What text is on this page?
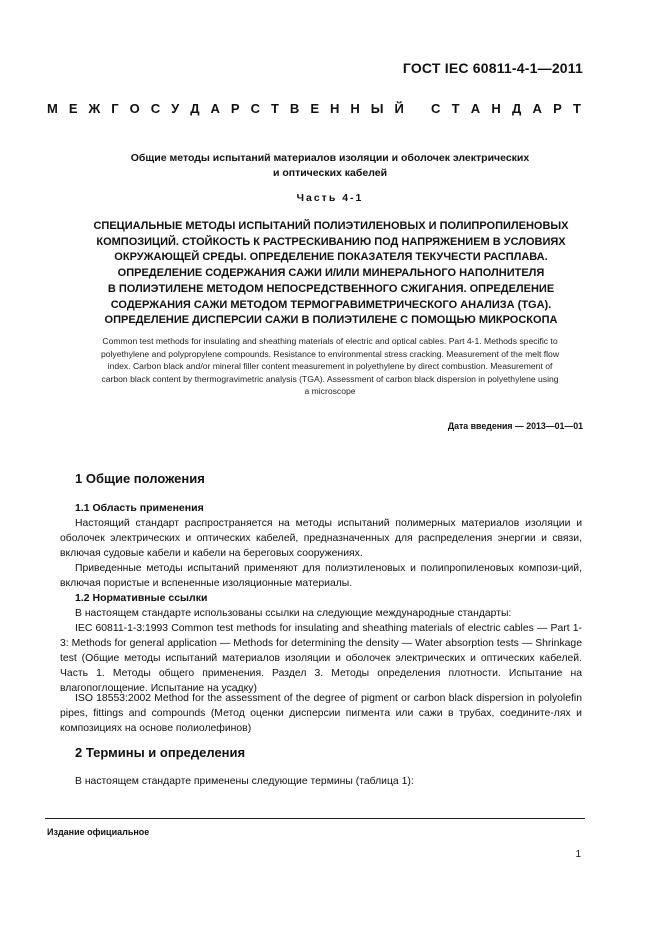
ГОСТ IEC 60811-4-1—2011
М Е Ж Г О С У Д А Р С Т В Е Н Н Ы Й С Т А Н Д А Р Т
Общие методы испытаний материалов изоляции и оболочек электрических
и оптических кабелей
Часть 4-1
СПЕЦИАЛЬНЫЕ МЕТОДЫ ИСПЫТАНИЙ ПОЛИЭТИЛЕНОВЫХ И ПОЛИПРОПИЛЕНОВЫХ
КОМПОЗИЦИЙ. СТОЙКОСТЬ К РАСТРЕСКИВАНИЮ ПОД НАПРЯЖЕНИЕМ В УСЛОВИЯХ
ОКРУЖАЮЩЕЙ СРЕДЫ. ОПРЕДЕЛЕНИЕ ПОКАЗАТЕЛЯ ТЕКУЧЕСТИ РАСПЛАВА.
ОПРЕДЕЛЕНИЕ СОДЕРЖАНИЯ САЖИ И/ИЛИ МИНЕРАЛЬНОГО НАПОЛНИТЕЛЯ
В ПОЛИЭТИЛЕНЕ МЕТОДОМ НЕПОСРЕДСТВЕННОГО СЖИГАНИЯ. ОПРЕДЕЛЕНИЕ
СОДЕРЖАНИЯ САЖИ МЕТОДОМ ТЕРМОГРАВИМЕТРИЧЕСКОГО АНАЛИЗА (TGA).
ОПРЕДЕЛЕНИЕ ДИСПЕРСИИ САЖИ В ПОЛИЭТИЛЕНЕ С ПОМОЩЬЮ МИКРОСКОПА
Common test methods for insulating and sheathing materials of electric and optical cables. Part 4-1. Methods specific to
polyethylene and polypropylene compounds. Resistance to environmental stress cracking. Measurement of the melt flow
index. Carbon black and/or mineral filler content measurement in polyethylene by direct combustion. Measurement of
carbon black content by thermogravimetric analysis (TGA). Assessment of carbon black dispersion in polyethylene using
a microscope
Дата введения — 2013—01—01
1 Общие положения
1.1 Область применения
Настоящий стандарт распространяется на методы испытаний полимерных материалов изоляции и оболочек электрических и оптических кабелей, предназначенных для распределения энергии и связи, включая судовые кабели и кабели на береговых сооружениях.
Приведенные методы испытаний применяют для полиэтиленовых и полипропиленовых компози-ций, включая пористые и вспененные изоляционные материалы.
1.2 Нормативные ссылки
В настоящем стандарте использованы ссылки на следующие международные стандарты:
IEC 60811-1-3:1993 Common test methods for insulating and sheathing materials of electric cables — Part 1-3: Methods for general application — Methods for determining the density — Water absorption tests — Shrinkage test (Общие методы испытаний материалов изоляции и оболочек электрических и оптических кабелей. Часть 1. Методы общего применения. Раздел 3. Методы определения плотности. Испытание на влагопоглощение. Испытание на усадку)
ISO 18553:2002 Method for the assessment of the degree of pigment or carbon black dispersion in polyolefin pipes, fittings and compounds (Метод оценки дисперсии пигмента или сажи в трубах, соедините-лях и композициях на основе полиолефинов)
2 Термины и определения
В настоящем стандарте применены следующие термины (таблица 1):
Издание официальное
1
